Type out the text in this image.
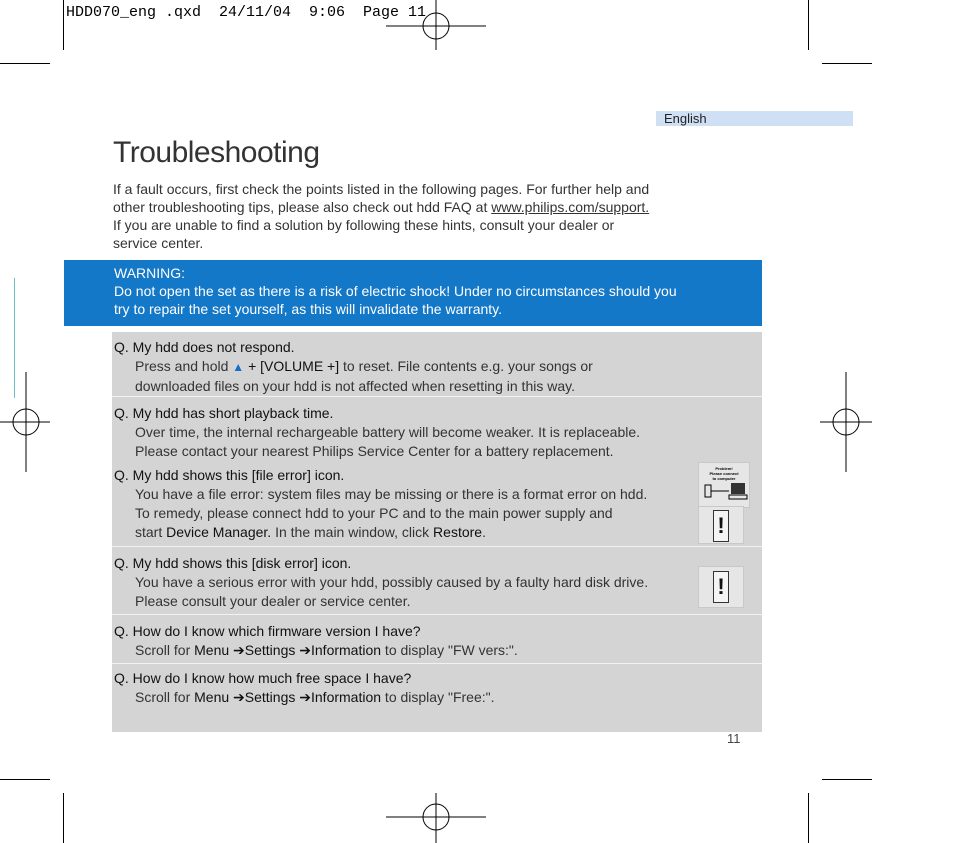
HDD070_eng .qxd  24/11/04  9:06  Page 11
English
Troubleshooting
If a fault occurs, first check the points listed in the following pages. For further help and
other troubleshooting tips, please also check out hdd FAQ at www.philips.com/support.
If you are unable to find a solution by following these hints, consult your dealer or
service center.
WARNING:
Do not open the set as there is a risk of electric shock! Under no circumstances should you
try to repair the set yourself, as this will invalidate the warranty.
Q. My hdd does not respond.
Press and hold ▲ + [VOLUME +] to reset. File contents e.g. your songs or
downloaded files on your hdd is not affected when resetting in this way.
Q. My hdd has short playback time.
Over time, the internal rechargeable battery will become weaker. It is replaceable.
Please contact your nearest Philips Service Center for a battery replacement.
Q. My hdd shows this [file error] icon.
You have a file error: system files may be missing or there is a format error on hdd.
To remedy, please connect hdd to your PC and to the main power supply and
start Device Manager. In the main window, click Restore.
Problem!
Please connect
to computer
!
Q. My hdd shows this [disk error] icon.
You have a serious error with your hdd, possibly caused by a faulty hard disk drive.
Please consult your dealer or service center.
!
Q. How do I know which firmware version I have?
Scroll for Menu ➔Settings ➔Information to display "FW vers:".
Q. How do I know how much free space I have?
Scroll for Menu ➔Settings ➔Information to display "Free:".
11
